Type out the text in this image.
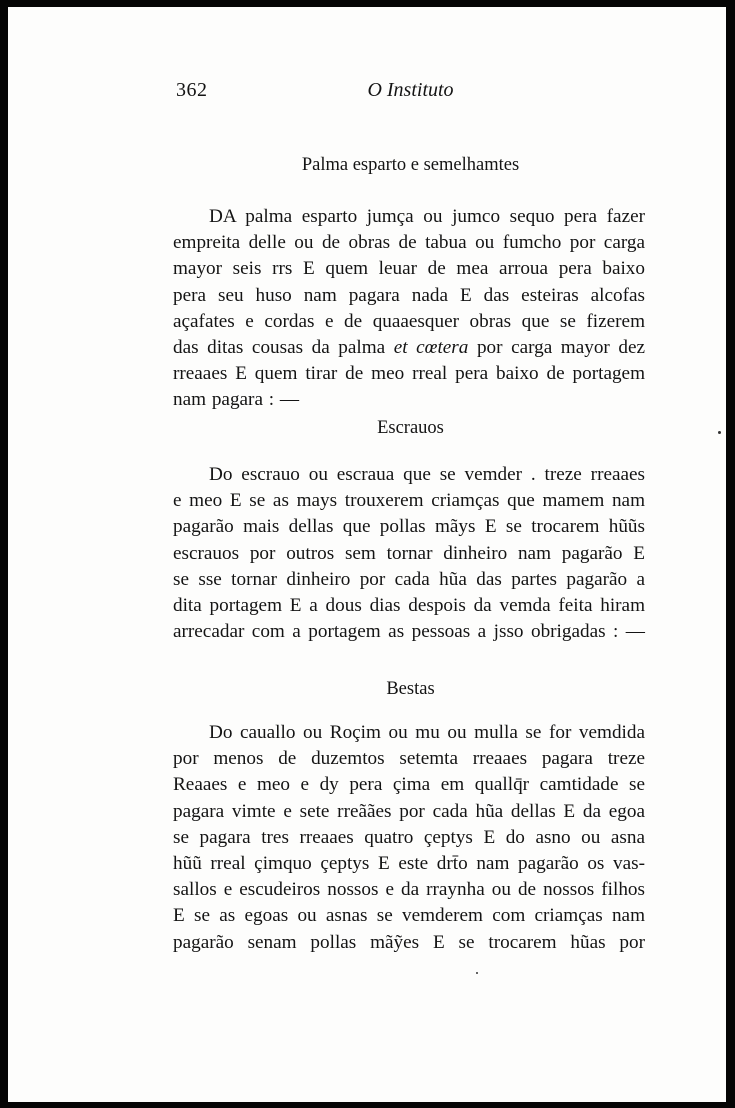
362	O Instituto
Palma esparto e semelhamtes
DA palma esparto jumça ou jumco sequo pera fazer
empreita delle ou de obras de tabua ou fumcho por carga
mayor seis rrs E quem leuar de mea arroua pera baixo
pera seu huso nam pagara nada E das esteiras alcofas
açafates e cordas e de quaaesquer obras que se fizerem
das ditas cousas da palma et cœtera por carga mayor dez
rreaaes E quem tirar de meo rreal pera baixo de portagem
nam pagara : —
Escrauos
Do escrauo ou escraua que se vemder . treze rreaaes
e meo E se as mays trouxerem criamças que mamem nam
pagarão mais dellas que pollas mãys E se trocarem hũũs
escrauos por outros sem tornar dinheiro nam pagarão E
se sse tornar dinheiro por cada hũa das partes pagarão a
dita portagem E a dous dias despois da vemda feita hiram
arrecadar com a portagem as pessoas a jsso obrigadas : —
Bestas
Do cauallo ou Roçim ou mu ou mulla se for vemdida
por menos de duzemtos setemta rreaaes pagara treze
Reaaes e meo e dy pera çima em quallq̄r camtidade se
pagara vimte e sete rreãães por cada hũa dellas E da egoa
se pagara tres rreaaes quatro çeptys E do asno ou asna
hũũ rreal çimquo çeptys E este drt̄o nam pagarão os vas-
sallos e escudeiros nossos e da rraynha ou de nossos filhos
E se as egoas ou asnas se vemderem com criamças nam
pagarão senam pollas mãỹes E se trocarem hũas por
